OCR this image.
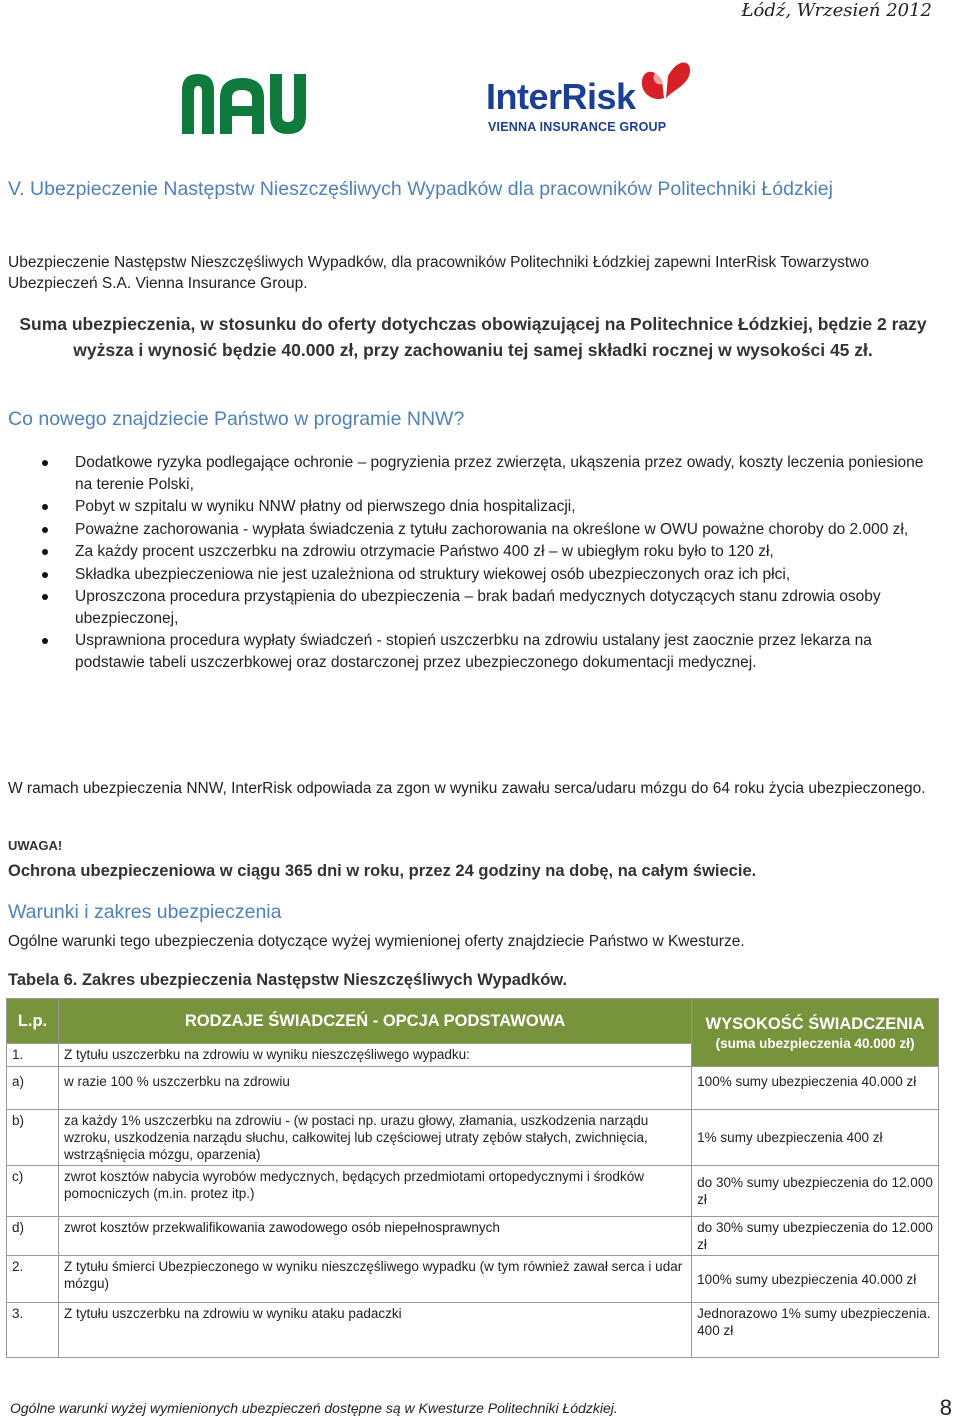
Łódź, Wrzesień 2012
InterRisk
VIENNA INSURANCE GROUP
V. Ubezpieczenie Następstw Nieszczęśliwych Wypadków dla pracowników Politechniki Łódzkiej
Ubezpieczenie Następstw Nieszczęśliwych Wypadków, dla pracowników Politechniki Łódzkiej zapewni InterRisk Towarzystwo Ubezpieczeń S.A. Vienna Insurance Group.
Suma ubezpieczenia, w stosunku do oferty dotychczas obowiązującej na Politechnice Łódzkiej, będzie 2 razy wyższa i wynosić będzie 40.000 zł, przy zachowaniu tej samej składki rocznej w wysokości 45 zł.
Co nowego znajdziecie Państwo w programie NNW?
Dodatkowe ryzyka podlegające ochronie – pogryzienia przez zwierzęta, ukąszenia przez owady, koszty leczenia poniesione na terenie Polski,
Pobyt w szpitalu w wyniku NNW płatny od pierwszego dnia hospitalizacji,
Poważne zachorowania - wypłata świadczenia z tytułu zachorowania na określone w OWU poważne choroby do 2.000 zł,
Za każdy procent uszczerbku na zdrowiu otrzymacie Państwo 400 zł – w ubiegłym roku było to 120 zł,
Składka ubezpieczeniowa nie jest uzależniona od struktury wiekowej osób ubezpieczonych oraz ich płci,
Uproszczona procedura przystąpienia do ubezpieczenia – brak badań medycznych dotyczących stanu zdrowia osoby ubezpieczonej,
Usprawniona procedura wypłaty świadczeń - stopień uszczerbku na zdrowiu ustalany jest zaocznie przez lekarza na podstawie tabeli uszczerbkowej oraz dostarczonej przez ubezpieczonego dokumentacji medycznej.
W ramach ubezpieczenia NNW, InterRisk odpowiada za zgon w wyniku zawału serca/udaru mózgu do 64 roku życia ubezpieczonego.
UWAGA!
Ochrona ubezpieczeniowa w ciągu 365 dni w roku, przez 24 godziny na dobę, na całym świecie.
Warunki i zakres ubezpieczenia
Ogólne warunki tego ubezpieczenia dotyczące wyżej wymienionej oferty znajdziecie Państwo w Kwesturze.
Tabela 6. Zakres ubezpieczenia Następstw Nieszczęśliwych Wypadków.
L.p.	RODZAJE ŚWIADCZEŃ - OPCJA PODSTAWOWA	WYSOKOŚĆ ŚWIADCZENIA
(suma ubezpieczenia 40.000 zł)

1.	Z tytułu uszczerbku na zdrowiu w wyniku nieszczęśliwego wypadku:	
a)	w razie 100 % uszczerbku na zdrowiu	100% sumy ubezpieczenia 40.000 zł
b)	za każdy 1% uszczerbku na zdrowiu - (w postaci np. urazu głowy, złamania, uszkodzenia narządu wzroku, uszkodzenia narządu słuchu, całkowitej lub częściowej utraty zębów stałych, zwichnięcia, wstrząśnięcia mózgu, oparzenia)	1% sumy ubezpieczenia 400 zł
c)	zwrot kosztów nabycia wyrobów medycznych, będących przedmiotami ortopedycznymi i środków pomocniczych (m.in. protez itp.)	do 30% sumy ubezpieczenia do 12.000 zł
d)	zwrot kosztów przekwalifikowania zawodowego osób niepełnosprawnych	do 30% sumy ubezpieczenia do 12.000 zł
2.	Z tytułu śmierci Ubezpieczonego w wyniku nieszczęśliwego wypadku (w tym również zawał serca i udar mózgu)	100% sumy ubezpieczenia 40.000 zł
3.	Z tytułu uszczerbku na zdrowiu w wyniku ataku padaczki	Jednorazowo 1% sumy ubezpieczenia. 400 zł
Ogólne warunki wyżej wymienionych ubezpieczeń dostępne są w Kwesturze Politechniki Łódzkiej.	8
